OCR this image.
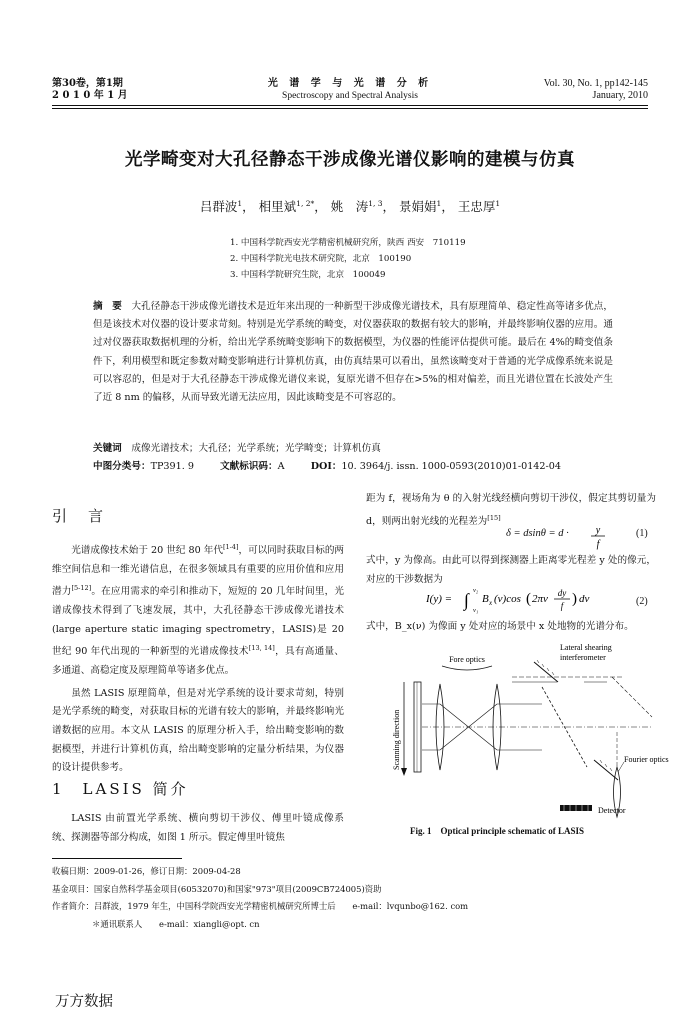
第30卷，第1期
2 0 1 0 年 1 月
光 谱 学 与 光 谱 分 析
Spectroscopy and Spectral Analysis
Vol. 30, No. 1, pp142-145
January, 2010
光学畸变对大孔径静态干涉成像光谱仪影响的建模与仿真
吕群波$^1$， 相里斌$^{1, 2*}$， 姚　涛$^{1, 3}$， 景娟娟$^1$， 王忠厚$^1$
1. 中国科学院西安光学精密机械研究所，陕西 西安　710119
2. 中国科学院光电技术研究院，北京　100190
3. 中国科学院研究生院，北京　100049
摘　要　 大孔径静态干涉成像光谱技术是近年来出现的一种新型干涉成像光谱技术，具有原理简单、稳定性高等诸多优点，但是该技术对仪器的设计要求苛刻。特别是光学系统的畸变，对仪器获取的数据有较大的影响，并最终影响仪器的应用。通过对仪器获取数据机理的分析，给出光学系统畸变影响下的数据模型，为仪器的性能评估提供可能。最后在 4%的畸变值条件下，利用模型和既定参数对畸变影响进行计算机仿真，由仿真结果可以看出，虽然该畸变对于普通的光学成像系统来说是可以容忍的，但是对于大孔径静态干涉成像光谱仪来说，复原光谱不但存在>5%的相对偏差，而且光谱位置在长波处产生了近 8 nm 的偏移，从而导致光谱无法应用，因此该畸变是不可容忍的。
关键词　 成像光谱技术；大孔径；光学系统；光学畸变；计算机仿真
中图分类号：TP391. 9	文献标识码：A	DOI：10. 3964/j. issn. 1000-0593(2010)01-0142-04
引　言

光谱成像技术始于 20 世纪 80 年代[1-4]，可以同时获取目标的两维空间信息和一维光谱信息，在很多领域具有重要的应用价值和应用潜力[5-12]。在应用需求的牵引和推动下，短短的 20 几年时间里，光谱成像技术得到了飞速发展，其中，大孔径静态干涉成像光谱技术(large aperture static imaging spectrometry，LASIS)是 20 世纪 90 年代出现的一种新型的光谱成像技术[13, 14]，具有高通量、多通道、高稳定度及原理简单等诸多优点。

虽然 LASIS 原理简单，但是对光学系统的设计要求苛刻，特别是光学系统的畸变，对获取目标的光谱有较大的影响，并最终影响光谱数据的应用。本文从 LASIS 的原理分析入手，给出畸变影响的数据模型，并进行计算机仿真，给出畸变影响的定量分析结果，为仪器的设计提供参考。

1　LASIS 简介

LASIS 由前置光学系统、横向剪切干涉仪、傅里叶镜成像系统、探测器等部分构成，如图 1 所示。假定傅里叶镜焦

距为 f，视场角为 θ 的入射光线经横向剪切干涉仪，假定其剪切量为 d，则两出射光线的光程差为[15]

δ = dsinθ = d ·	y
f
(1)

式中，y 为像高。由此可以得到探测器上距离零光程差 y 处的像元，对应的干涉数据为

I(y) = ∫ ν₂
ν₁
B x (ν)cos ( 2πν dy
f ) dν	(2)

式中，B_x(ν) 为像面 y 处对应的场景中 x 处地物的光谱分布。

Fore optics
Lateral shearing
interferometer
Scanning direction	Fourier optics
Detector
Fig. 1　Optical principle schematic of LASIS
收稿日期：2009-01-26，修订日期：2009-04-28
基金项目：国家自然科学基金项目(60532070)和国家"973"项目(2009CB724005)资助
作者简介：吕群波，1979 年生，中国科学院西安光学精密机械研究所博士后　　e-mail：lvqunbo@162. com
＊通讯联系人　　e-mail：xiangli@opt. cn
万方数据
